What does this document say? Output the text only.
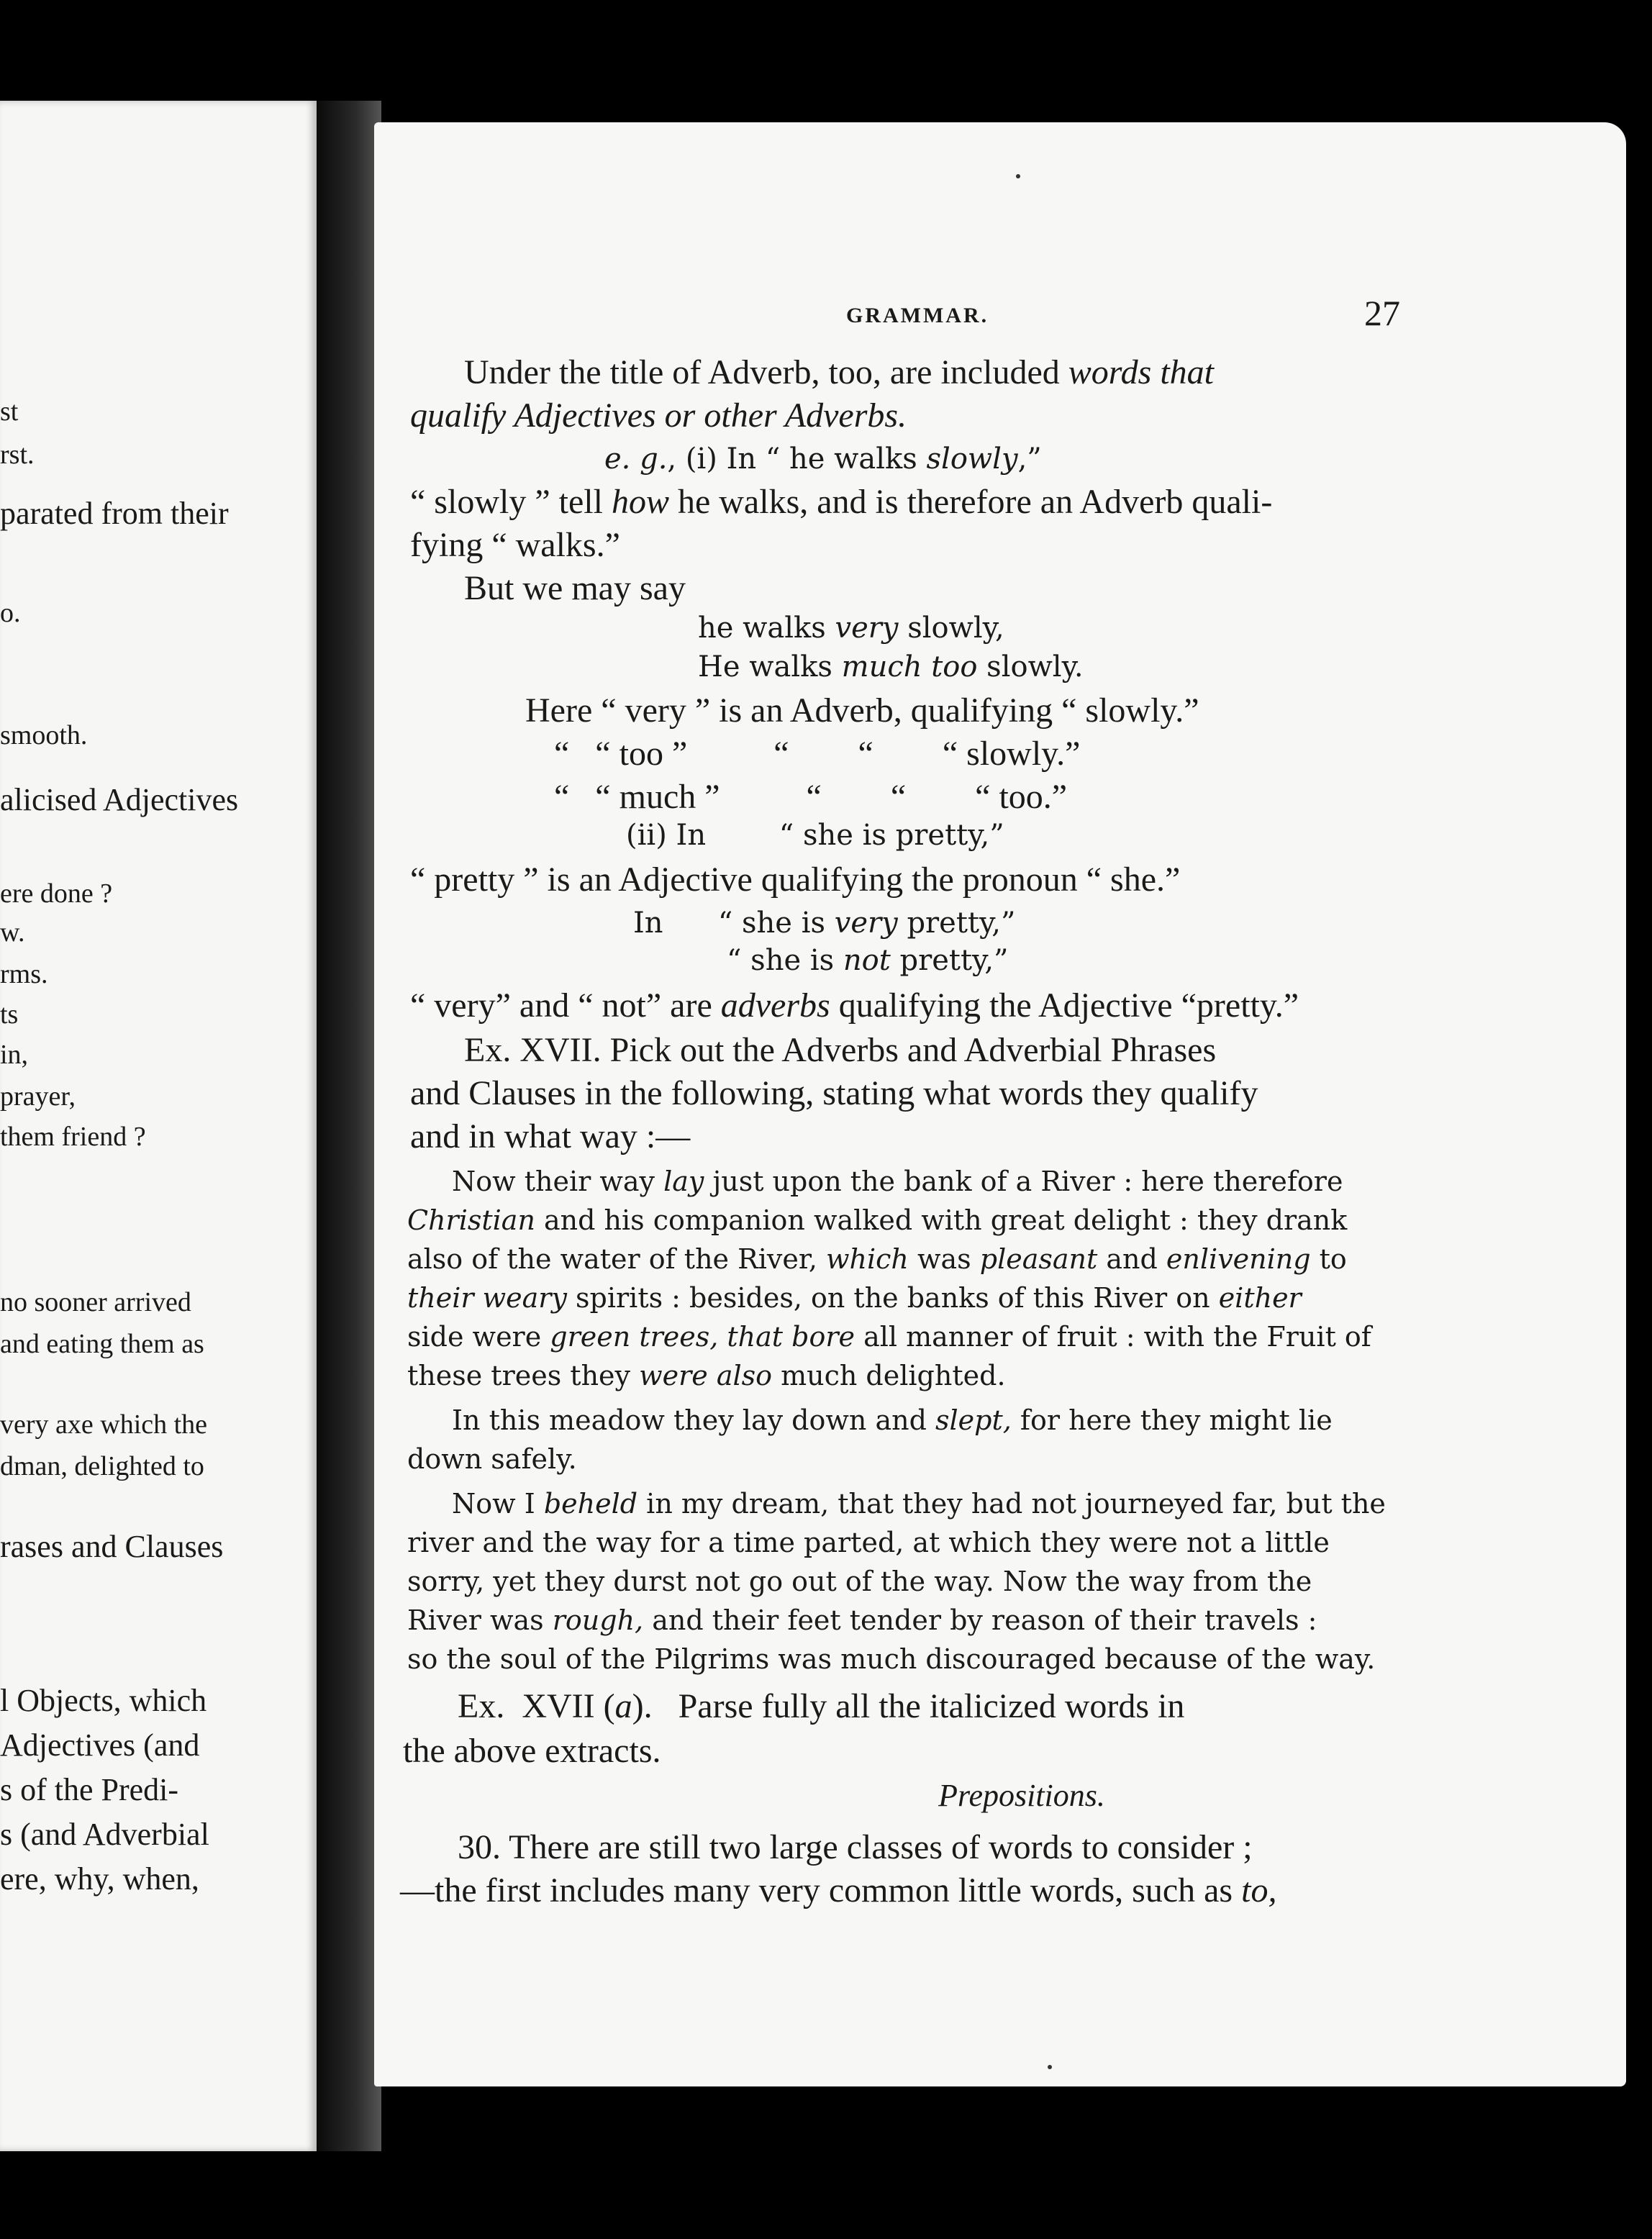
st
rst.
parated from their
o.
smooth.
alicised Adjectives
ere done ?
w.
rms.
ts
in,
prayer,
them friend ?
no sooner arrived
and eating them as
very axe which the
dman, delighted to
rases and Clauses
l Objects, which
Adjectives (and
s of the Predi-
s (and Adverbial
ere, why, when,
GRAMMAR.	27
Under the title of Adverb, too, are included words that
qualify Adjectives or other Adverbs.
e. g., (i) In “ he walks slowly,”
“ slowly ” tell how he walks, and is therefore an Adverb quali-
fying “ walks.”
But we may say
he walks very slowly,
He walks much too slowly.
Here “ very ” is an Adverb, qualifying “ slowly.”
“   “ too ”          “        “        “ slowly.”
“   “ much ”          “        “        “ too.”
(ii) In        “ she is pretty,”
“ pretty ” is an Adjective qualifying the pronoun “ she.”
In      “ she is very pretty,”
“ she is not pretty,”
“ very” and “ not” are adverbs qualifying the Adjective “pretty.”
Ex. XVII. Pick out the Adverbs and Adverbial Phrases
and Clauses in the following, stating what words they qualify
and in what way :—
Now their way lay just upon the bank of a River : here therefore
Christian and his companion walked with great delight : they drank
also of the water of the River, which was pleasant and enlivening to
their weary spirits : besides, on the banks of this River on either
side were green trees, that bore all manner of fruit : with the Fruit of
these trees they were also much delighted.
In this meadow they lay down and slept, for here they might lie
down safely.
Now I beheld in my dream, that they had not journeyed far, but the
river and the way for a time parted, at which they were not a little
sorry, yet they durst not go out of the way. Now the way from the
River was rough, and their feet tender by reason of their travels :
so the soul of the Pilgrims was much discouraged because of the way.
Ex.  XVII (a).   Parse fully all the italicized words in
the above extracts.
Prepositions.
30. There are still two large classes of words to consider ;
—the first includes many very common little words, such as to,
